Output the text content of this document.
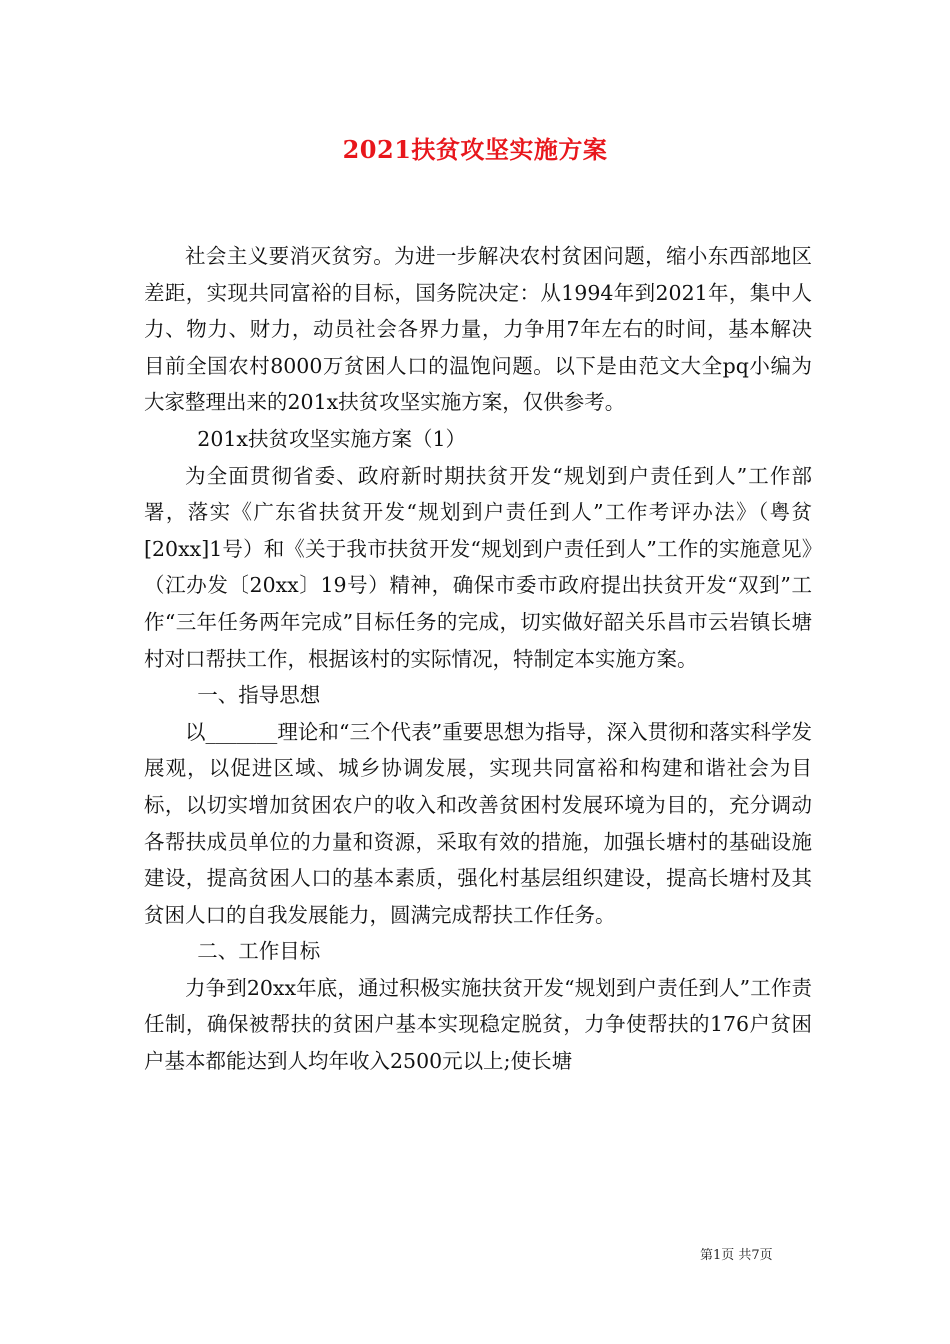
2021扶贫攻坚实施方案

社会主义要消灭贫穷。为进一步解决农村贫困问题，缩小东西部地区差距，实现共同富裕的目标，国务院决定：从1994年到2021年，集中人力、物力、财力，动员社会各界力量，力争用7年左右的时间，基本解决目前全国农村8000万贫困人口的温饱问题。以下是由范文大全pq小编为大家整理出来的201x扶贫攻坚实施方案，仅供参考。

201x扶贫攻坚实施方案（1）

为全面贯彻省委、政府新时期扶贫开发“规划到户责任到人”工作部署，落实《广东省扶贫开发“规划到户责任到人”工作考评办法》（粤贫[20xx]1号）和《关于我市扶贫开发“规划到户责任到人”工作的实施意见》（江办发〔20xx〕19号）精神，确保市委市政府提出扶贫开发“双到”工作“三年任务两年完成”目标任务的完成，切实做好韶关乐昌市云岩镇长塘村对口帮扶工作，根据该村的实际情况，特制定本实施方案。

一、指导思想

以_______理论和“三个代表”重要思想为指导，深入贯彻和落实科学发展观，以促进区域、城乡协调发展，实现共同富裕和构建和谐社会为目标，以切实增加贫困农户的收入和改善贫困村发展环境为目的，充分调动各帮扶成员单位的力量和资源，采取有效的措施，加强长塘村的基础设施建设，提高贫困人口的基本素质，强化村基层组织建设，提高长塘村及其贫困人口的自我发展能力，圆满完成帮扶工作任务。

二、工作目标

力争到20xx年底，通过积极实施扶贫开发“规划到户责任到人”工作责任制，确保被帮扶的贫困户基本实现稳定脱贫，力争使帮扶的176户贫困户基本都能达到人均年收入2500元以上;使长塘

第1页 共7页
